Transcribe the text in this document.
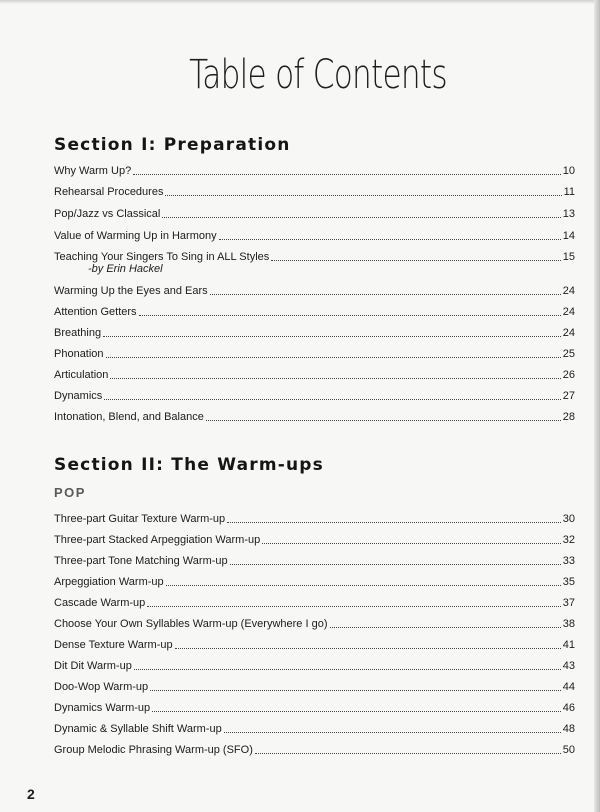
Table of Contents
Section I: Preparation
Why Warm Up?	10
Rehearsal Procedures	11
Pop/Jazz vs Classical	13
Value of Warming Up in Harmony	14
Teaching Your Singers To Sing in ALL Styles	15
-by Erin Hackel
Warming Up the Eyes and Ears	24
Attention Getters	24
Breathing	24
Phonation	25
Articulation	26
Dynamics	27
Intonation, Blend, and Balance	28
Section II: The Warm-ups
POP
Three-part Guitar Texture Warm-up	30
Three-part Stacked Arpeggiation Warm-up	32
Three-part Tone Matching Warm-up	33
Arpeggiation Warm-up	35
Cascade Warm-up	37
Choose Your Own Syllables Warm-up (Everywhere I go)	38
Dense Texture Warm-up	41
Dit Dit Warm-up	43
Doo-Wop Warm-up	44
Dynamics Warm-up	46
Dynamic & Syllable Shift Warm-up	48
Group Melodic Phrasing Warm-up (SFO)	50
2
